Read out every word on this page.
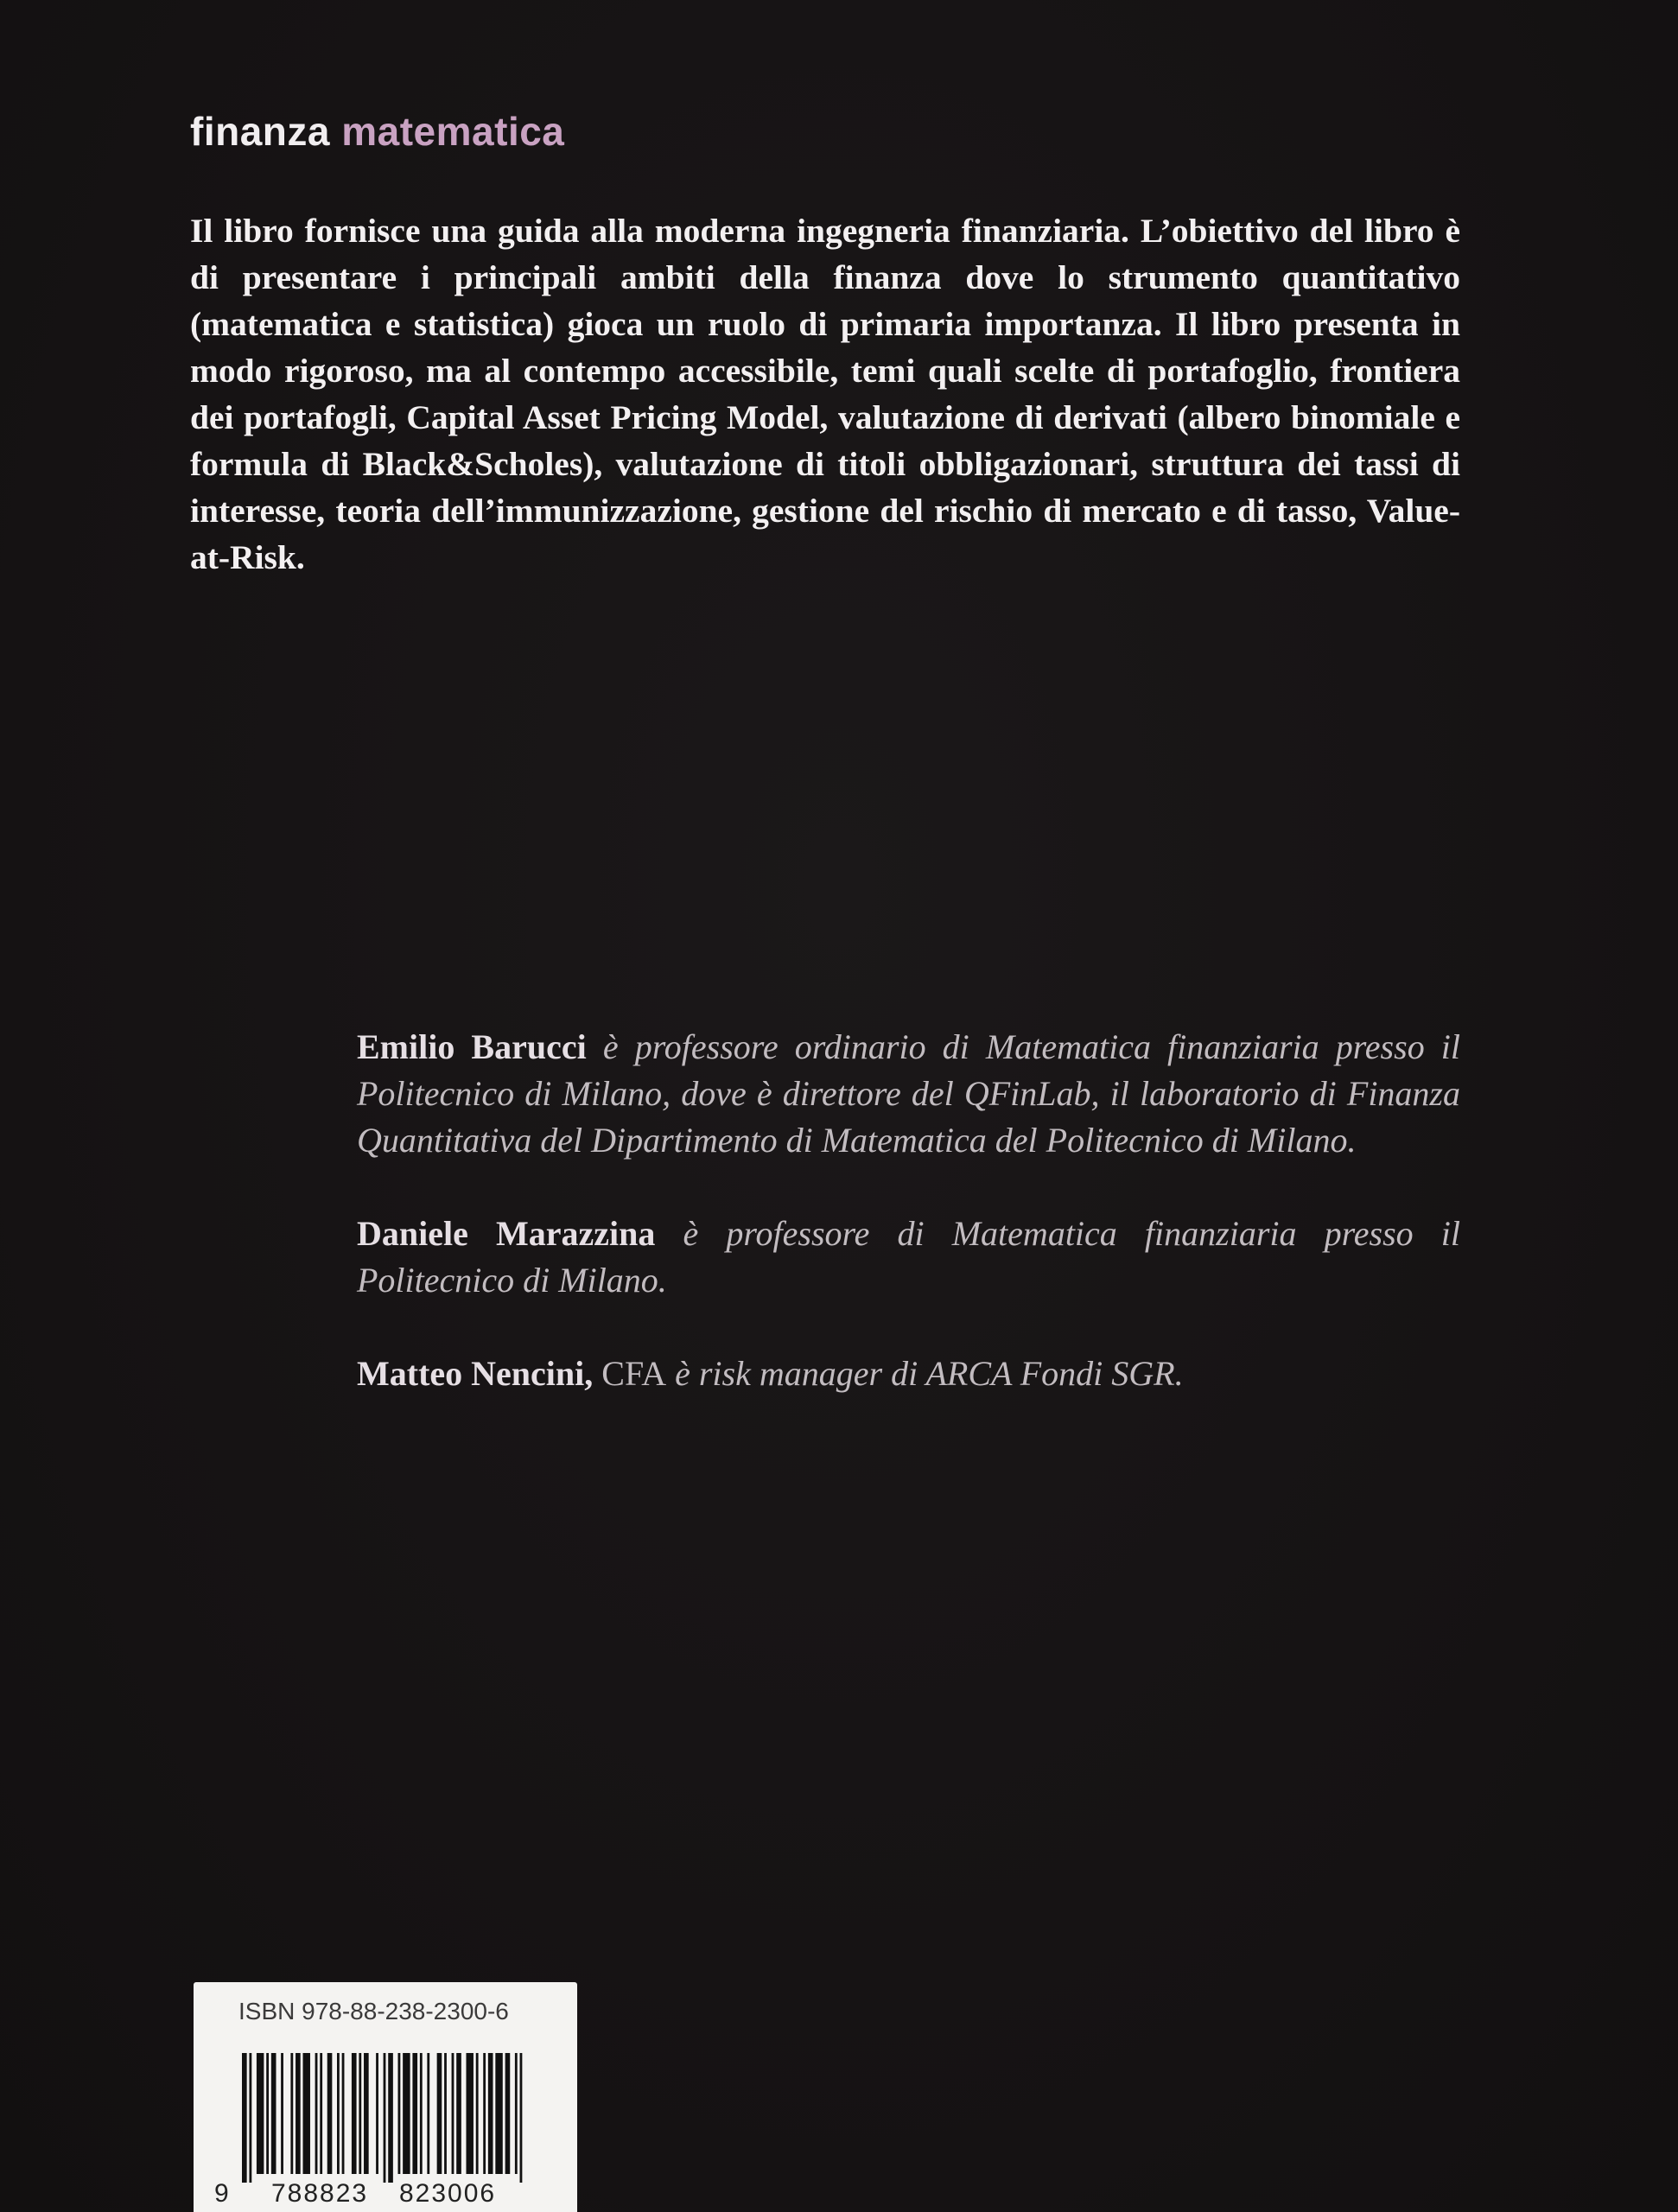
finanza matematica

Il libro fornisce una guida alla moderna ingegneria finanziaria. L’obiettivo del libro è di presentare i principali ambiti della finanza dove lo strumento quantitativo (matematica e statistica) gioca un ruolo di primaria importanza. Il libro presenta in modo rigoroso, ma al contempo accessibile, temi quali scelte di portafoglio, frontiera dei portafogli, Capital Asset Pricing Model, valutazione di derivati (albero binomiale e formula di Black&Scholes), valutazione di titoli obbligazionari, struttura dei tassi di interesse, teoria dell’immunizzazione, gestione del rischio di mercato e di tasso, Value-at-Risk.

Emilio Barucci è professore ordinario di Matematica finanziaria presso il Politecnico di Milano, dove è direttore del QFinLab, il laboratorio di Finanza Quantitativa del Dipartimento di Matematica del Politecnico di Milano.

Daniele Marazzina è professore di Matematica finanziaria presso il Politecnico di Milano.

Matteo Nencini, CFA è risk manager di ARCA Fondi SGR.

ISBN 978-88-238-2300-6
9 788823 823006
